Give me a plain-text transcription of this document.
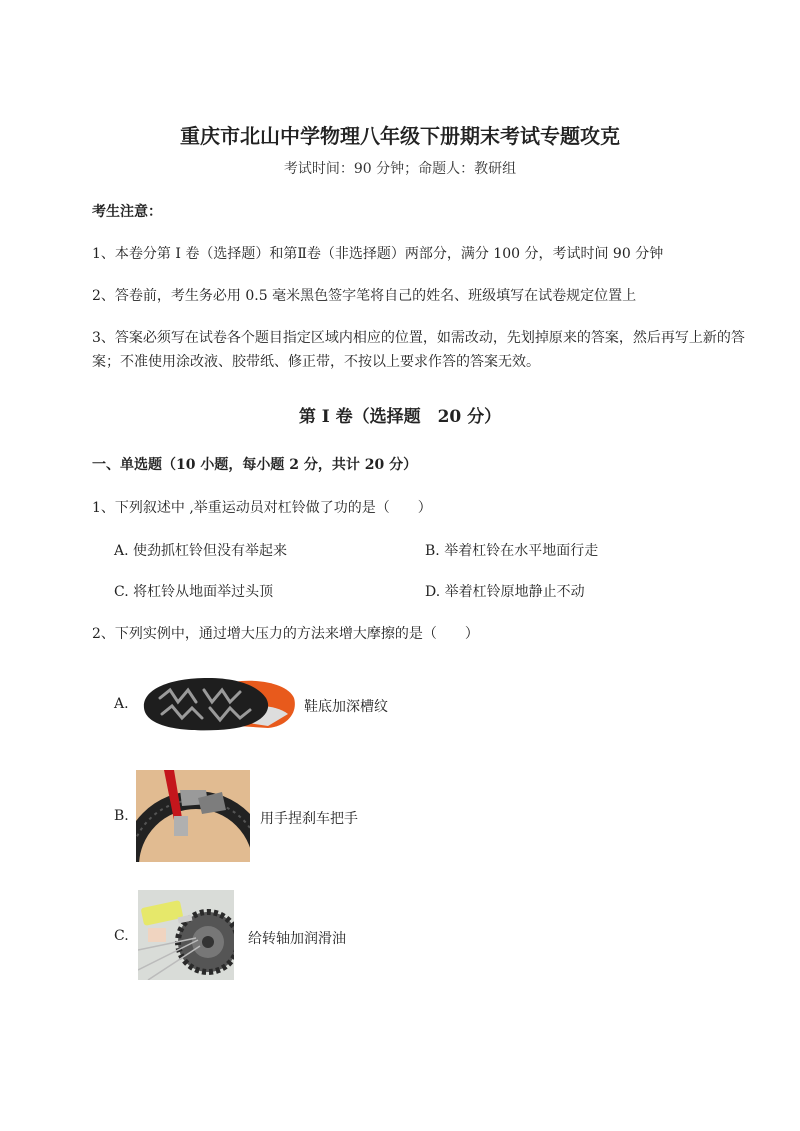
重庆市北山中学物理八年级下册期末考试专题攻克
考试时间：90 分钟；命题人：教研组
考生注意：
1、本卷分第 I 卷（选择题）和第Ⅱ卷（非选择题）两部分，满分 100 分，考试时间 90 分钟
2、答卷前，考生务必用 0.5 毫米黑色签字笔将自己的姓名、班级填写在试卷规定位置上
3、答案必须写在试卷各个题目指定区域内相应的位置，如需改动，先划掉原来的答案，然后再写上新的答案；不准使用涂改液、胶带纸、修正带，不按以上要求作答的答案无效。
第 I 卷（选择题　20 分）
一、单选题（10 小题，每小题 2 分，共计 20 分）
1、下列叙述中 ,举重运动员对杠铃做了功的是（　　）
A. 使劲抓杠铃但没有举起来	B. 举着杠铃在水平地面行走
C. 将杠铃从地面举过头顶	D. 举着杠铃原地静止不动
2、下列实例中，通过增大压力的方法来增大摩擦的是（　　）
A.	鞋底加深槽纹
B.	用手捏刹车把手
C.	给转轴加润滑油
